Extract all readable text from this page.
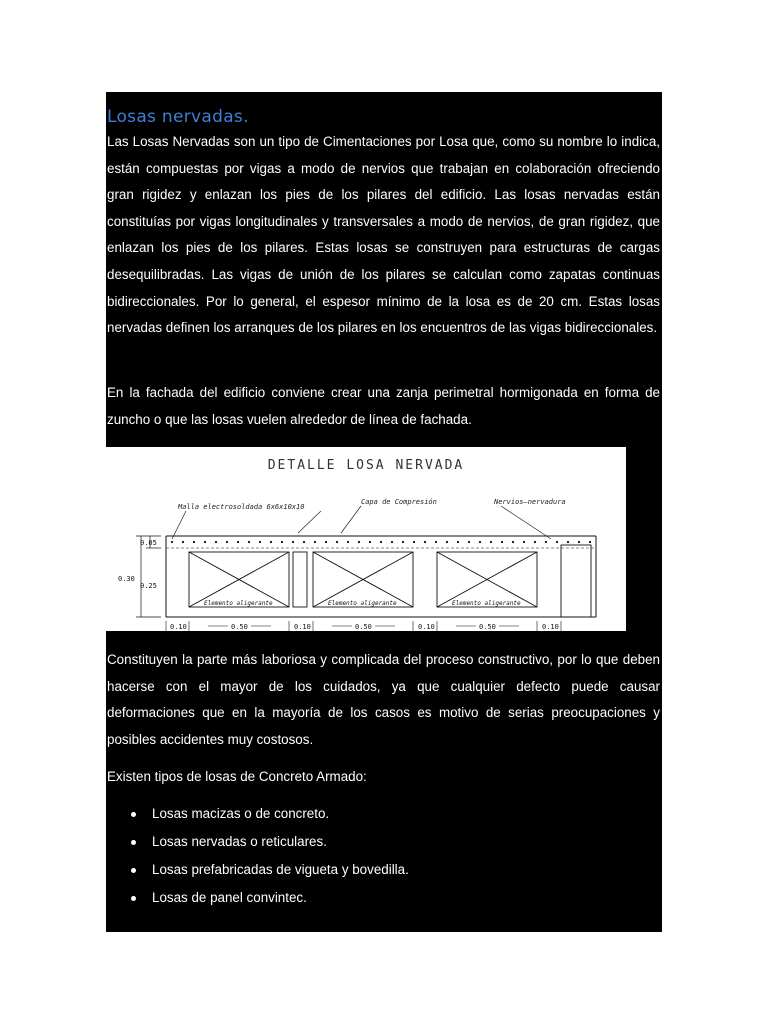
Losas nervadas.

Las Losas Nervadas son un tipo de Cimentaciones por Losa que, como su nombre lo indica, están compuestas por vigas a modo de nervios que trabajan en colaboración ofreciendo gran rigidez y enlazan los pies de los pilares del edificio. Las losas nervadas están constituías por vigas longitudinales y transversales a modo de nervios, de gran rigidez, que enlazan los pies de los pilares. Estas losas se construyen para estructuras de cargas desequilibradas. Las vigas de unión de los pilares se calculan como zapatas continuas bidireccionales. Por lo general, el espesor mínimo de la losa es de 20 cm. Estas losas nervadas definen los arranques de los pilares en los encuentros de las vigas bidireccionales.

En la fachada del edificio conviene crear una zanja perimetral hormigonada en forma de zuncho o que las losas vuelen alrededor de línea de fachada.

DETALLE LOSA NERVADA
Malla electrosoldada 6x6x10x10
Capa de Compresión	Nervios–nervadura
Elemento aligerante	Elemento aligerante	Elemento aligerante
0.30
0.05
0.25
0.10	0.50	0.10	0.50	0.10	0.50	0.10

Constituyen la parte más laboriosa y complicada del proceso constructivo, por lo que deben hacerse con el mayor de los cuidados, ya que cualquier defecto puede causar deformaciones que en la mayoría de los casos es motivo de serias preocupaciones y posibles accidentes muy costosos.

Existen tipos de losas de Concreto Armado:

Losas macizas o de concreto.
Losas nervadas o reticulares.
Losas prefabricadas de vigueta y bovedilla.
Losas de panel convintec.
